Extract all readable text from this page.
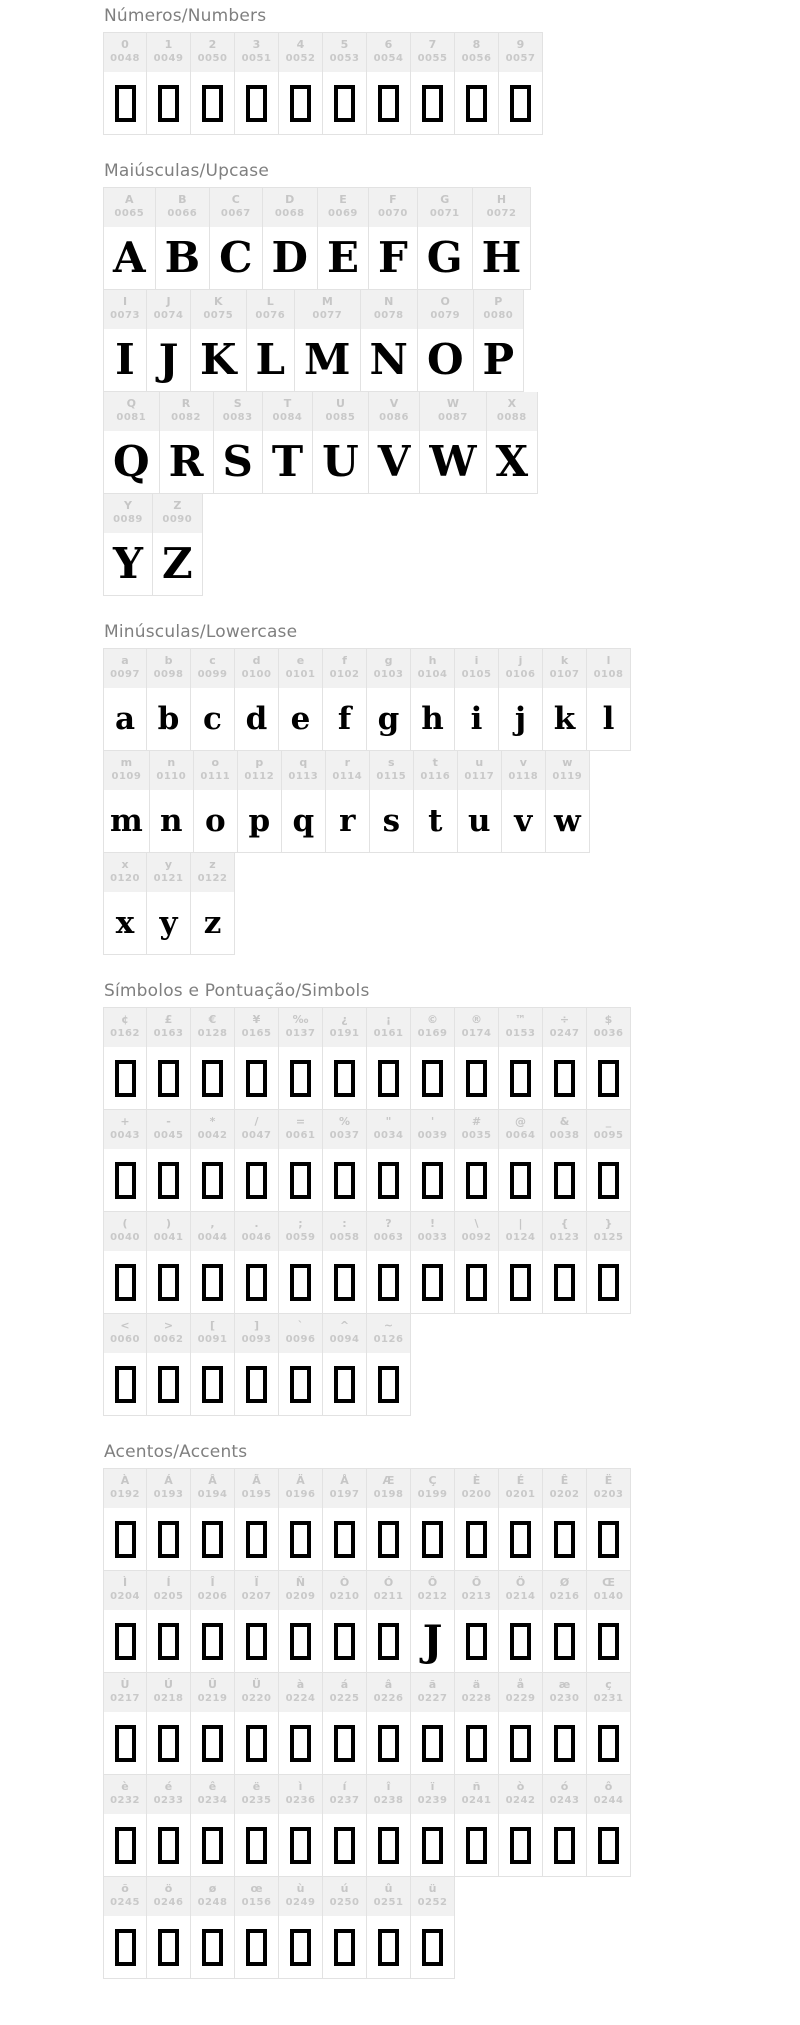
Números/Numbers
0
0048
1
0049
2
0050
3
0051
4
0052
5
0053
6
0054
7
0055
8
0056
9
0057
Maiúsculas/Upcase
A
0065
A
B
0066
B
C
0067
C
D
0068
D
E
0069
E
F
0070
F
G
0071
G
H
0072
H
I
0073
I
J
0074
J
K
0075
K
L
0076
L
M
0077
M
N
0078
N
O
0079
O
P
0080
P
Q
0081
Q
R
0082
R
S
0083
S
T
0084
T
U
0085
U
V
0086
V
W
0087
W
X
0088
X
Y
0089
Y
Z
0090
Z
Minúsculas/Lowercase
a
0097
a
b
0098
b
c
0099
c
d
0100
d
e
0101
e
f
0102
f
g
0103
g
h
0104
h
i
0105
i
j
0106
j
k
0107
k
l
0108
l
m
0109
m
n
0110
n
o
0111
o
p
0112
p
q
0113
q
r
0114
r
s
0115
s
t
0116
t
u
0117
u
v
0118
v
w
0119
w
x
0120
x
y
0121
y
z
0122
z
Símbolos e Pontuação/Simbols
¢
0162
£
0163
€
0128
¥
0165
‰
0137
¿
0191
¡
0161
©
0169
®
0174
™
0153
÷
0247
$
0036
+
0043
-
0045
*
0042
/
0047
=
0061
%
0037
"
0034
'
0039
#
0035
@
0064
&
0038
_
0095
(
0040
)
0041
,
0044
.
0046
;
0059
:
0058
?
0063
!
0033
\
0092
|
0124
{
0123
}
0125
<
0060
>
0062
[
0091
]
0093
`
0096
^
0094
~
0126
Acentos/Accents
À
0192
Á
0193
Â
0194
Ã
0195
Ä
0196
Å
0197
Æ
0198
Ç
0199
È
0200
É
0201
Ê
0202
Ë
0203
Ì
0204
Í
0205
Î
0206
Ï
0207
Ñ
0209
Ò
0210
Ó
0211
Ô
0212
J
Õ
0213
Ö
0214
Ø
0216
Œ
0140
Ù
0217
Ú
0218
Û
0219
Ü
0220
à
0224
á
0225
â
0226
ã
0227
ä
0228
å
0229
æ
0230
ç
0231
è
0232
é
0233
ê
0234
ë
0235
ì
0236
í
0237
î
0238
ï
0239
ñ
0241
ò
0242
ó
0243
ô
0244
õ
0245
ö
0246
ø
0248
œ
0156
ù
0249
ú
0250
û
0251
ü
0252
